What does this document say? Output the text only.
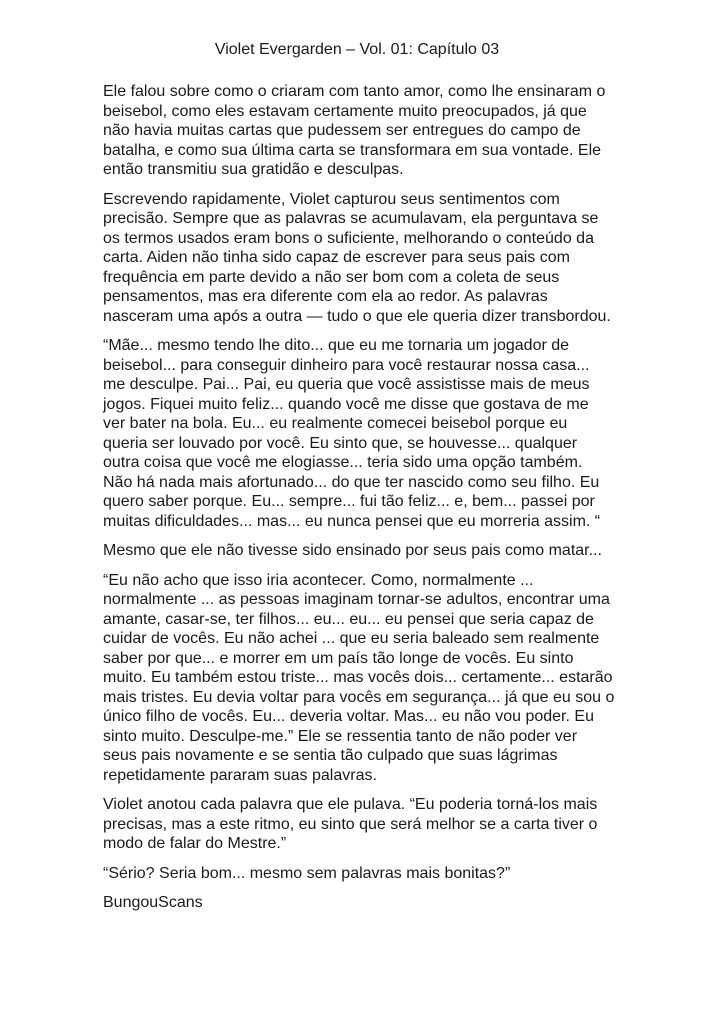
Violet Evergarden – Vol. 01: Capítulo 03

Ele falou sobre como o criaram com tanto amor, como lhe ensinaram o beisebol, como eles estavam certamente muito preocupados, já que não havia muitas cartas que pudessem ser entregues do campo de batalha, e como sua última carta se transformara em sua vontade. Ele então transmitiu sua gratidão e desculpas.

Escrevendo rapidamente, Violet capturou seus sentimentos com precisão. Sempre que as palavras se acumulavam, ela perguntava se os termos usados eram bons o suficiente, melhorando o conteúdo da carta. Aiden não tinha sido capaz de escrever para seus pais com frequência em parte devido a não ser bom com a coleta de seus pensamentos, mas era diferente com ela ao redor. As palavras nasceram uma após a outra — tudo o que ele queria dizer transbordou.

“Mãe... mesmo tendo lhe dito... que eu me tornaria um jogador de beisebol... para conseguir dinheiro para você restaurar nossa casa... me desculpe. Pai... Pai, eu queria que você assistisse mais de meus jogos. Fiquei muito feliz... quando você me disse que gostava de me ver bater na bola. Eu... eu realmente comecei beisebol porque eu queria ser louvado por você. Eu sinto que, se houvesse... qualquer outra coisa que você me elogiasse... teria sido uma opção também. Não há nada mais afortunado... do que ter nascido como seu filho. Eu quero saber porque. Eu... sempre... fui tão feliz... e, bem... passei por muitas dificuldades... mas... eu nunca pensei que eu morreria assim. “

Mesmo que ele não tivesse sido ensinado por seus pais como matar...

“Eu não acho que isso iria acontecer. Como, normalmente ... normalmente ... as pessoas imaginam tornar-se adultos, encontrar uma amante, casar-se, ter filhos... eu... eu... eu pensei que seria capaz de cuidar de vocês. Eu não achei ... que eu seria baleado sem realmente saber por que... e morrer em um país tão longe de vocês. Eu sinto muito. Eu também estou triste... mas vocês dois... certamente... estarão mais tristes. Eu devia voltar para vocês em segurança... já que eu sou o único filho de vocês. Eu... deveria voltar. Mas... eu não vou poder. Eu sinto muito. Desculpe-me.” Ele se ressentia tanto de não poder ver seus pais novamente e se sentia tão culpado que suas lágrimas repetidamente pararam suas palavras.

Violet anotou cada palavra que ele pulava. “Eu poderia torná-los mais precisas, mas a este ritmo, eu sinto que será melhor se a carta tiver o modo de falar do Mestre.”

“Sério? Seria bom... mesmo sem palavras mais bonitas?”

BungouScans
